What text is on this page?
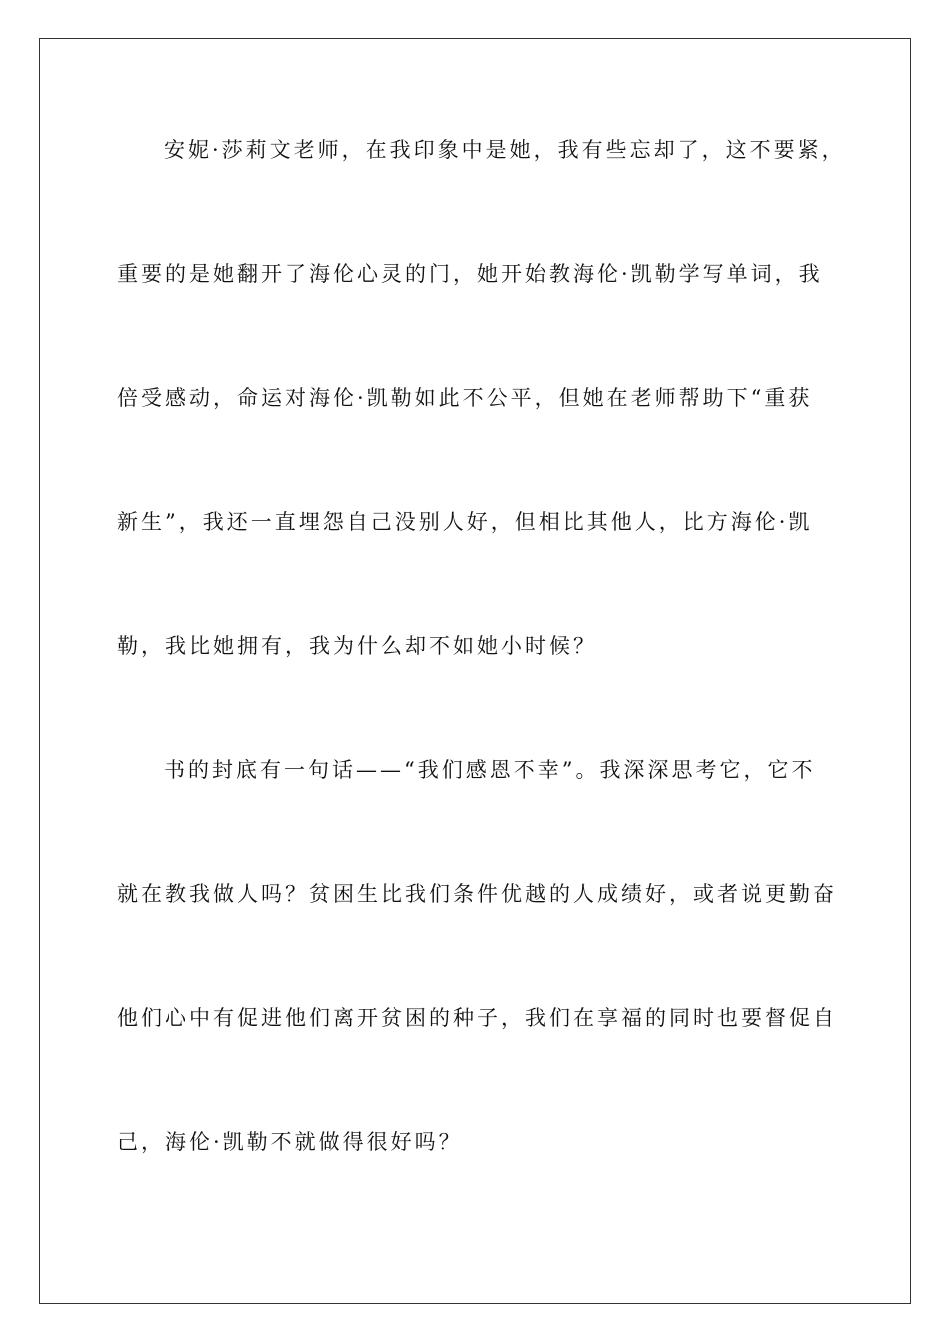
安妮·莎莉文老师，在我印象中是她，我有些忘却了，这不要紧，
重要的是她翻开了海伦心灵的门，她开始教海伦·凯勒学写单词，我
倍受感动，命运对海伦·凯勒如此不公平，但她在老师帮助下“重获
新生”，我还一直埋怨自己没别人好，但相比其他人，比方海伦·凯
勒，我比她拥有，我为什么却不如她小时候？
书的封底有一句话——“我们感恩不幸”。我深深思考它，它不
就在教我做人吗？贫困生比我们条件优越的人成绩好，或者说更勤奋
他们心中有促进他们离开贫困的种子，我们在享福的同时也要督促自
己，海伦·凯勒不就做得很好吗？
